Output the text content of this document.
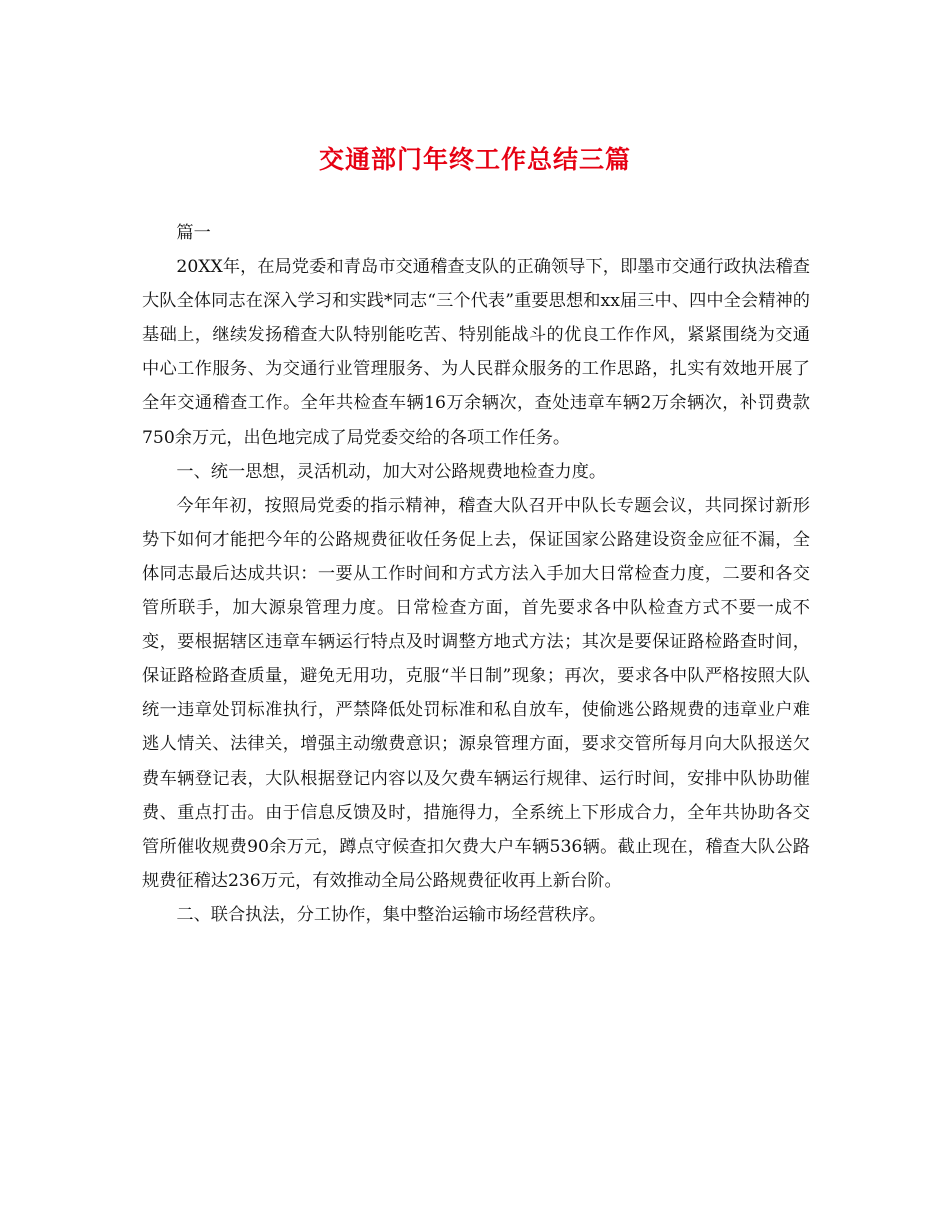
交通部门年终工作总结三篇

篇一

20XX年，在局党委和青岛市交通稽查支队的正确领导下，即墨市交通行政执法稽查大队全体同志在深入学习和实践*同志“三个代表”重要思想和xx届三中、四中全会精神的基础上，继续发扬稽查大队特别能吃苦、特别能战斗的优良工作作风，紧紧围绕为交通中心工作服务、为交通行业管理服务、为人民群众服务的工作思路，扎实有效地开展了全年交通稽查工作。全年共检查车辆16万余辆次，查处违章车辆2万余辆次，补罚费款750余万元，出色地完成了局党委交给的各项工作任务。

一、统一思想，灵活机动，加大对公路规费地检查力度。

今年年初，按照局党委的指示精神，稽查大队召开中队长专题会议，共同探讨新形势下如何才能把今年的公路规费征收任务促上去，保证国家公路建设资金应征不漏，全体同志最后达成共识：一要从工作时间和方式方法入手加大日常检查力度，二要和各交管所联手，加大源泉管理力度。日常检查方面，首先要求各中队检查方式不要一成不变，要根据辖区违章车辆运行特点及时调整方地式方法；其次是要保证路检路查时间，保证路检路查质量，避免无用功，克服“半日制”现象；再次，要求各中队严格按照大队统一违章处罚标准执行，严禁降低处罚标准和私自放车，使偷逃公路规费的违章业户难逃人情关、法律关，增强主动缴费意识；源泉管理方面，要求交管所每月向大队报送欠费车辆登记表，大队根据登记内容以及欠费车辆运行规律、运行时间，安排中队协助催费、重点打击。由于信息反馈及时，措施得力，全系统上下形成合力，全年共协助各交管所催收规费90余万元，蹲点守候查扣欠费大户车辆536辆。截止现在，稽查大队公路规费征稽达236万元，有效推动全局公路规费征收再上新台阶。

二、联合执法，分工协作，集中整治运输市场经营秩序。
